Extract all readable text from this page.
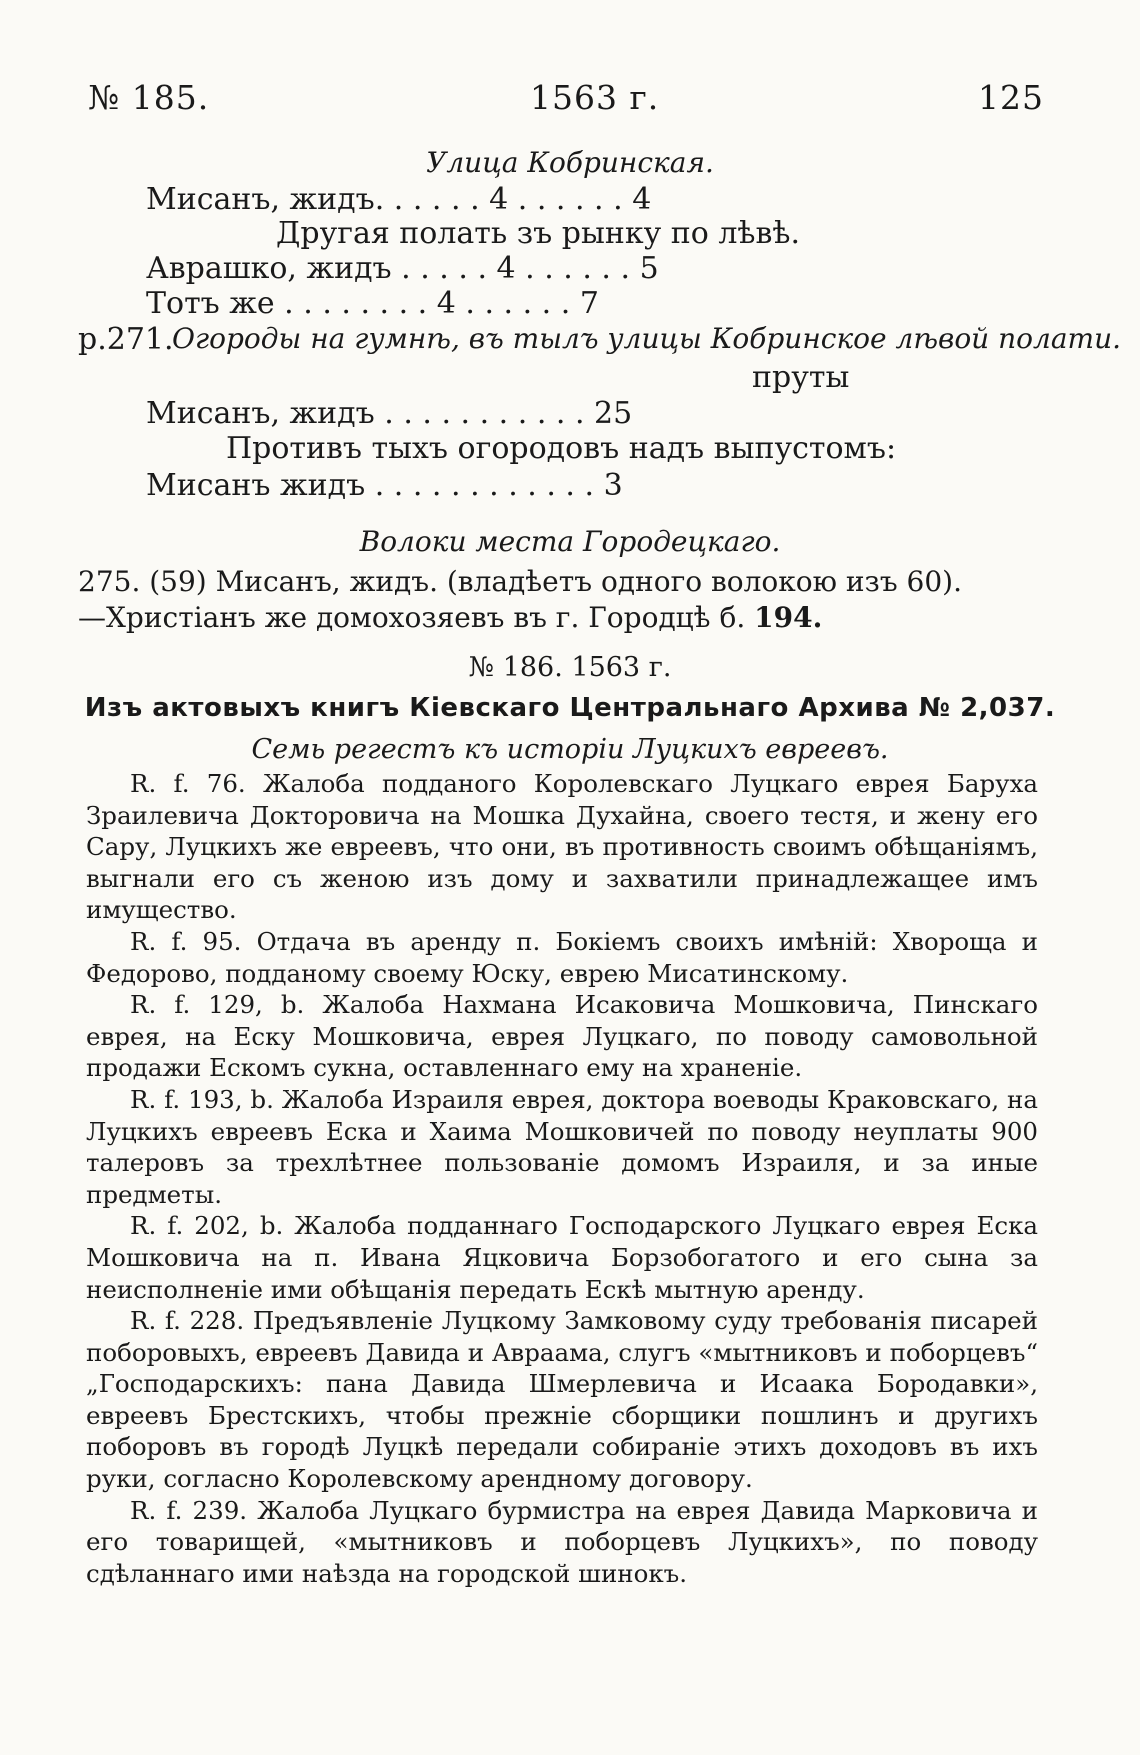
№ 185.	1563 г.	125
Улица Кобринская.
Мисанъ, жидъ. . . . . . 4 . . . . . . 4
Другая полать зъ рынку по лѣвѣ.
Аврашко, жидъ . . . . . 4 . . . . . . 5
Тотъ же . . . . . . . . 4 . . . . . . 7
р.271.
Огороды на гумнѣ, въ тылъ улицы Кобринское лѣвой полати.
пруты
Мисанъ, жидъ . . . . . . . . . . . 25
Противъ тыхъ огородовъ надъ выпустомъ:
Мисанъ жидъ . . . . . . . . . . . . 3
Волоки места Городецкаго.
275. (59) Мисанъ, жидъ. (владѣетъ одного волокою изъ 60).
—Христіанъ же домохозяевъ въ г. Городцѣ б. 194.
№ 186. 1563 г.
Изъ актовыхъ книгъ Кіевскаго Центральнаго Архива № 2,037.
Семь регестъ къ исторіи Луцкихъ евреевъ.

R. f. 76. Жалоба подданого Королевскаго Луцкаго еврея Баруха Зраилевича Докторовича на Мошка Духайна, своего тестя, и жену его Сару, Луцкихъ же евреевъ, что они, въ противность своимъ обѣщаніямъ, выгнали его съ женою изъ дому и захватили принадлежащее имъ имущество.

R. f. 95. Отдача въ аренду п. Бокіемъ своихъ имѣній: Хвороща и Федорово, подданому своему Юску, еврею Мисатинскому.

R. f. 129, b. Жалоба Нахмана Исаковича Мошковича, Пинскаго еврея, на Еску Мошковича, еврея Луцкаго, по поводу самовольной продажи Ескомъ сукна, оставленнаго ему на храненіе.

R. f. 193, b. Жалоба Израиля еврея, доктора воеводы Краковскаго, на Луцкихъ евреевъ Еска и Хаима Мошковичей по поводу неуплаты 900 талеровъ за трехлѣтнее пользованіе домомъ Израиля, и за иные предметы.

R. f. 202, b. Жалоба подданнаго Господарского Луцкаго еврея Еска Мошковича на п. Ивана Яцковича Борзобогатого и его сына за неисполненіе ими обѣщанія передать Ескѣ мытную аренду.

R. f. 228. Предъявленіе Луцкому Замковому суду требованія писарей поборовыхъ, евреевъ Давида и Авраама, слугъ «мытниковъ и поборцевъ“ „Господарскихъ: пана Давида Шмерлевича и Исаака Бородавки», евреевъ Брестскихъ, чтобы прежніе сборщики пошлинъ и другихъ поборовъ въ городѣ Луцкѣ передали собираніе этихъ доходовъ въ ихъ руки, согласно Королевскому арендному договору.

R. f. 239. Жалоба Луцкаго бурмистра на еврея Давида Марковича и его товарищей, «мытниковъ и поборцевъ Луцкихъ», по поводу сдѣланнаго ими наѣзда на городской шинокъ.
